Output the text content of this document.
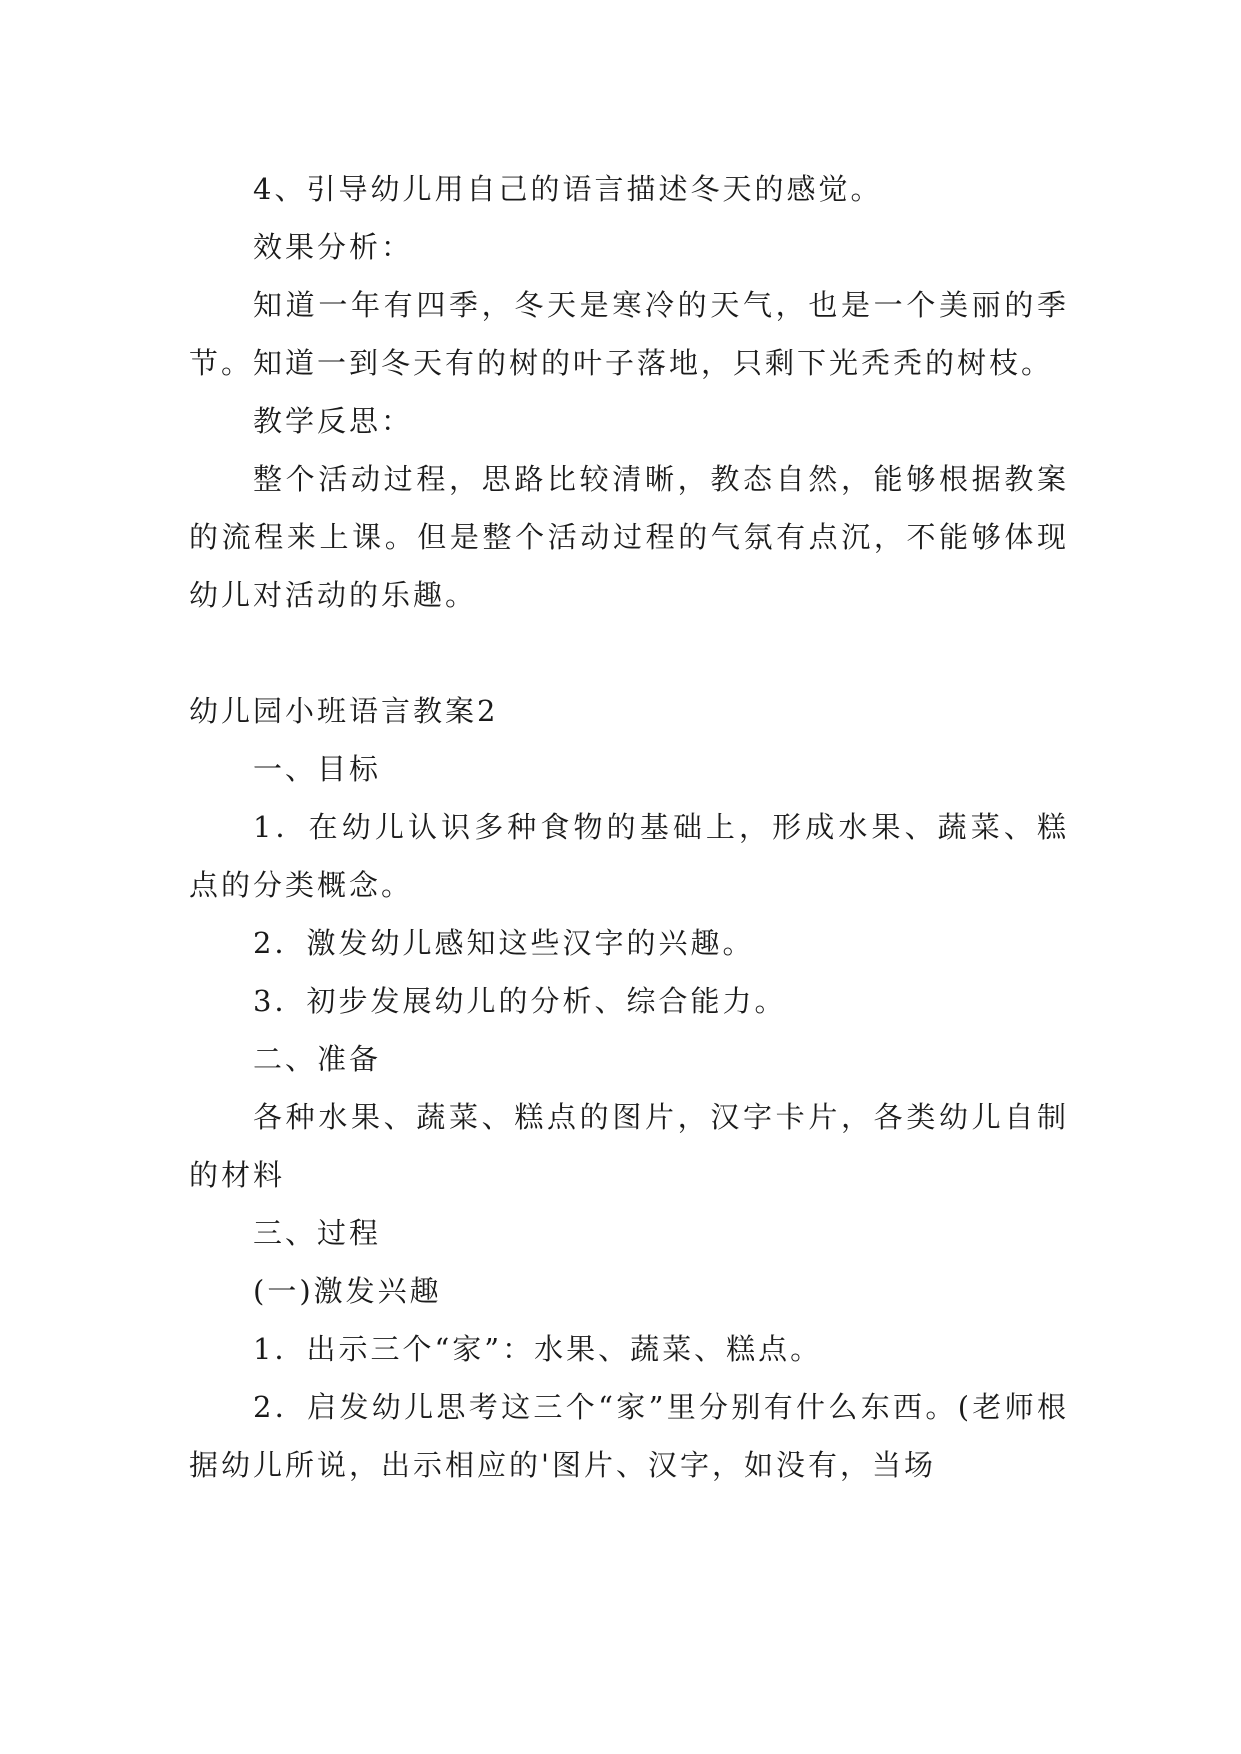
4、引导幼儿用自己的语言描述冬天的感觉。

效果分析：

知道一年有四季，冬天是寒冷的天气，也是一个美丽的季节。知道一到冬天有的树的叶子落地，只剩下光秃秃的树枝。

教学反思：

整个活动过程，思路比较清晰，教态自然，能够根据教案的流程来上课。但是整个活动过程的气氛有点沉，不能够体现幼儿对活动的乐趣。

幼儿园小班语言教案2

一、目标

1．在幼儿认识多种食物的基础上，形成水果、蔬菜、糕点的分类概念。

2．激发幼儿感知这些汉字的兴趣。

3．初步发展幼儿的分析、综合能力。

二、准备

各种水果、蔬菜、糕点的图片，汉字卡片，各类幼儿自制的材料

三、过程

(一)激发兴趣

1．出示三个“家”：水果、蔬菜、糕点。

2．启发幼儿思考这三个“家”里分别有什么东西。(老师根据幼儿所说，出示相应的'图片、汉字，如没有，当场
